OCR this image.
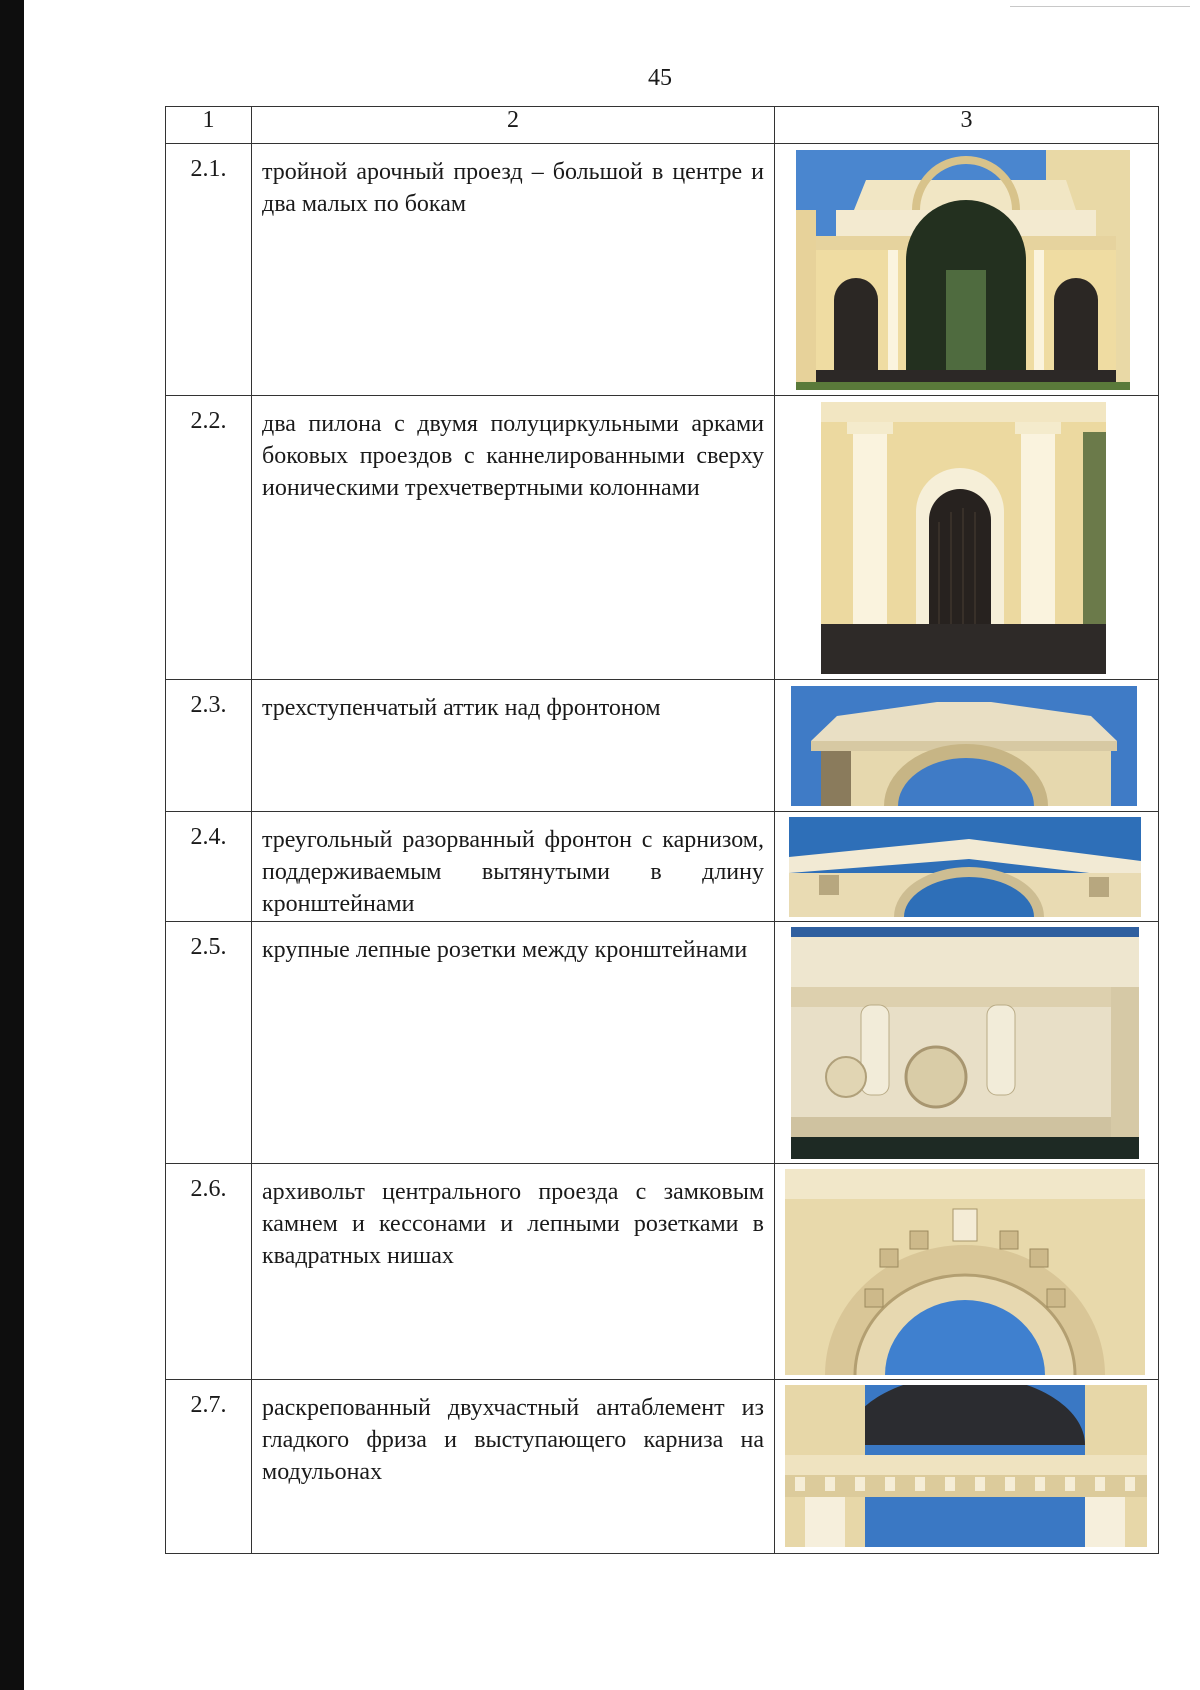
45
1	2	3
2.1.	тройной арочный проезд – большой в центре и два малых по бокам	

2.2.	два пилона с двумя полуциркульными арками боковых проездов с каннелированными сверху ионическими трехчетвертными колоннами	

2.3.	трехступенчатый аттик над фронтоном	

2.4.	треугольный разорванный фронтон с карнизом, поддерживаемым вытянутыми в длину кронштейнами	

2.5.	крупные лепные розетки между кронштейнами	

2.6.	архивольт центрального проезда с замковым камнем и кессонами и лепными розетками в квадратных нишах	

2.7.	раскрепованный двухчастный антаблемент из гладкого фриза и выступающего карниза на модульонах	
